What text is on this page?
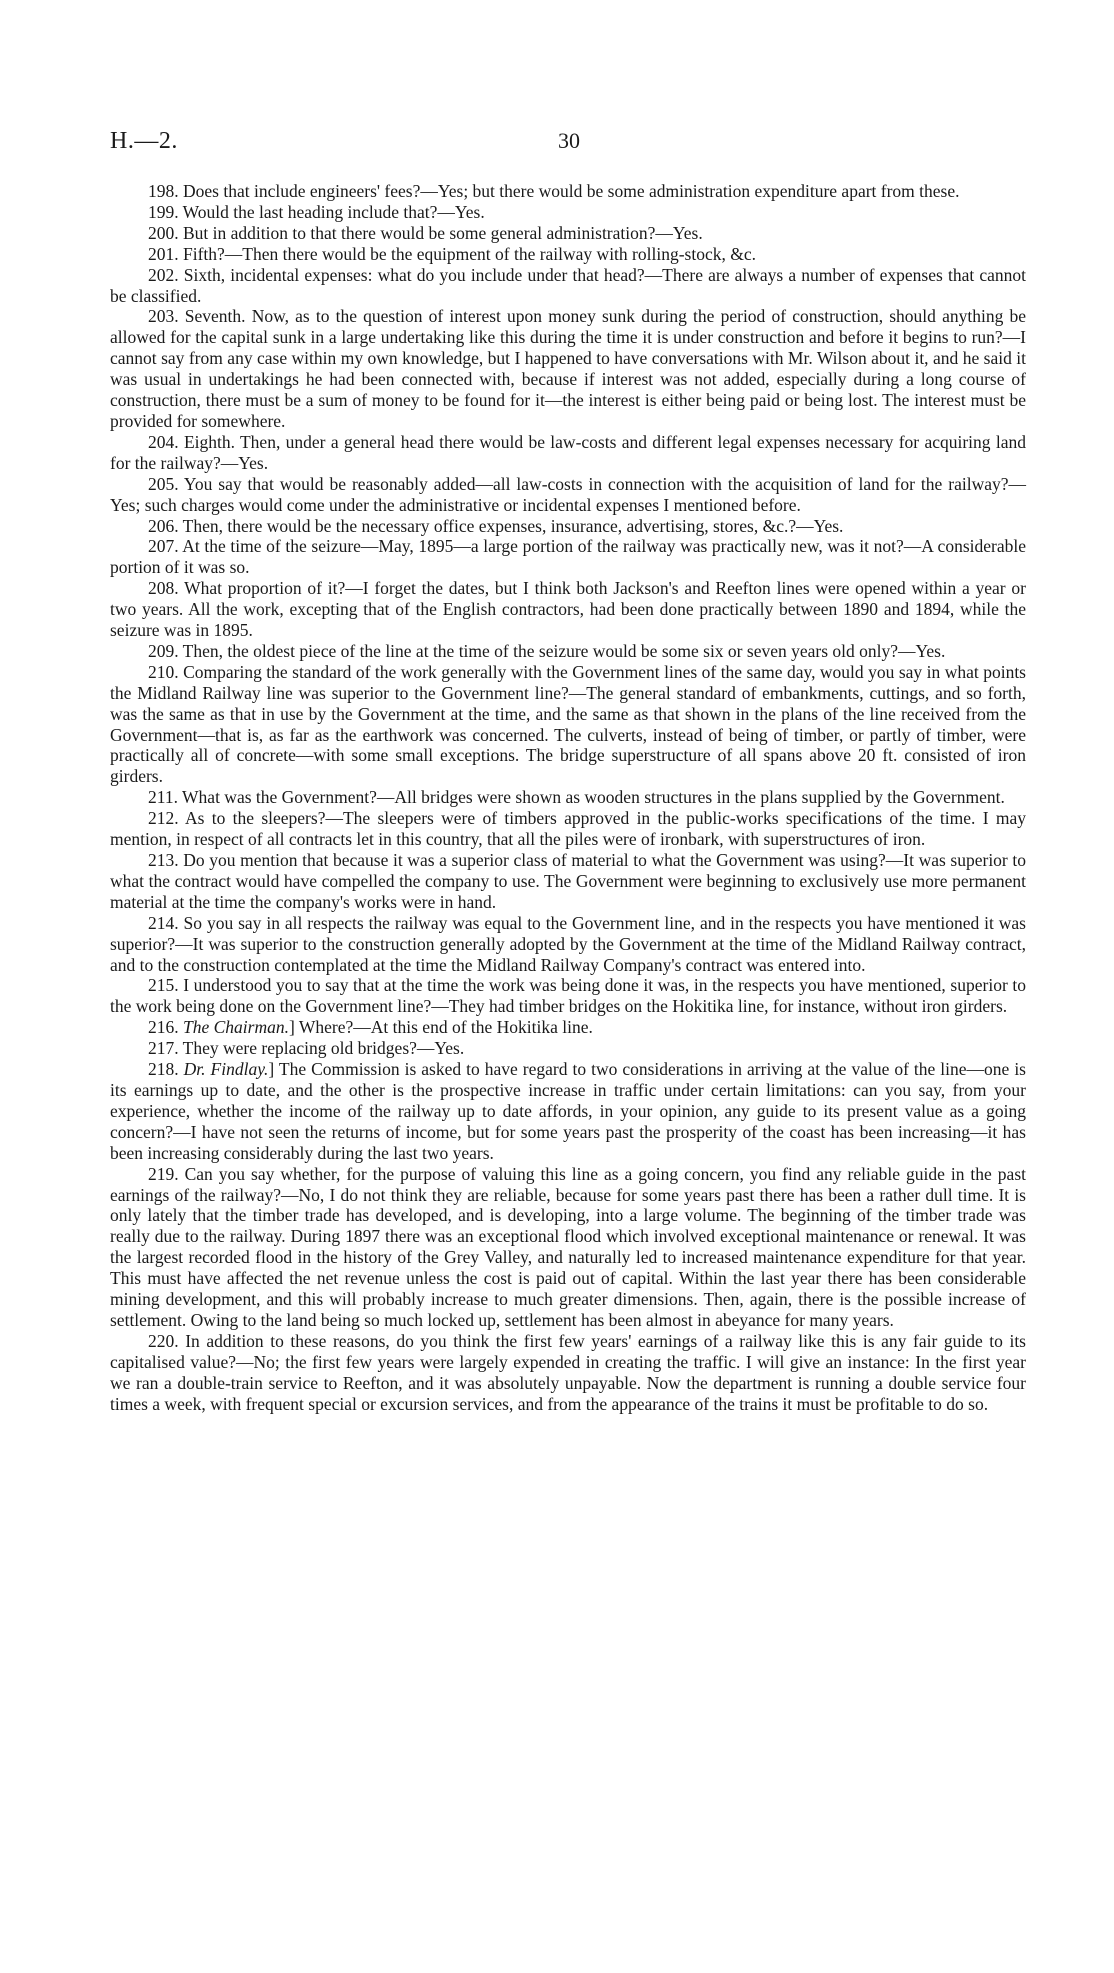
H.—2.	30

198. Does that include engineers' fees?—Yes; but there would be some administration expenditure apart from these.

199. Would the last heading include that?—Yes.

200. But in addition to that there would be some general administration?—Yes.

201. Fifth?—Then there would be the equipment of the railway with rolling-stock, &c.

202. Sixth, incidental expenses: what do you include under that head?—There are always a number of expenses that cannot be classified.

203. Seventh. Now, as to the question of interest upon money sunk during the period of construction, should anything be allowed for the capital sunk in a large undertaking like this during the time it is under construction and before it begins to run?—I cannot say from any case within my own knowledge, but I happened to have conversations with Mr. Wilson about it, and he said it was usual in undertakings he had been connected with, because if interest was not added, especially during a long course of construction, there must be a sum of money to be found for it—the interest is either being paid or being lost. The interest must be provided for somewhere.

204. Eighth. Then, under a general head there would be law-costs and different legal expenses necessary for acquiring land for the railway?—Yes.

205. You say that would be reasonably added—all law-costs in connection with the acquisition of land for the railway?—Yes; such charges would come under the administrative or incidental expenses I mentioned before.

206. Then, there would be the necessary office expenses, insurance, advertising, stores, &c.?—Yes.

207. At the time of the seizure—May, 1895—a large portion of the railway was practically new, was it not?—A considerable portion of it was so.

208. What proportion of it?—I forget the dates, but I think both Jackson's and Reefton lines were opened within a year or two years. All the work, excepting that of the English contractors, had been done practically between 1890 and 1894, while the seizure was in 1895.

209. Then, the oldest piece of the line at the time of the seizure would be some six or seven years old only?—Yes.

210. Comparing the standard of the work generally with the Government lines of the same day, would you say in what points the Midland Railway line was superior to the Government line?—The general standard of embankments, cuttings, and so forth, was the same as that in use by the Government at the time, and the same as that shown in the plans of the line received from the Government—that is, as far as the earthwork was concerned. The culverts, instead of being of timber, or partly of timber, were practically all of concrete—with some small exceptions. The bridge superstructure of all spans above 20 ft. consisted of iron girders.

211. What was the Government?—All bridges were shown as wooden structures in the plans supplied by the Government.

212. As to the sleepers?—The sleepers were of timbers approved in the public-works specifications of the time. I may mention, in respect of all contracts let in this country, that all the piles were of ironbark, with superstructures of iron.

213. Do you mention that because it was a superior class of material to what the Government was using?—It was superior to what the contract would have compelled the company to use. The Government were beginning to exclusively use more permanent material at the time the company's works were in hand.

214. So you say in all respects the railway was equal to the Government line, and in the respects you have mentioned it was superior?—It was superior to the construction generally adopted by the Government at the time of the Midland Railway contract, and to the construction contemplated at the time the Midland Railway Company's contract was entered into.

215. I understood you to say that at the time the work was being done it was, in the respects you have mentioned, superior to the work being done on the Government line?—They had timber bridges on the Hokitika line, for instance, without iron girders.

216. The Chairman.] Where?—At this end of the Hokitika line.

217. They were replacing old bridges?—Yes.

218. Dr. Findlay.] The Commission is asked to have regard to two considerations in arriving at the value of the line—one is its earnings up to date, and the other is the prospective increase in traffic under certain limitations: can you say, from your experience, whether the income of the railway up to date affords, in your opinion, any guide to its present value as a going concern?—I have not seen the returns of income, but for some years past the prosperity of the coast has been increasing—it has been increasing considerably during the last two years.

219. Can you say whether, for the purpose of valuing this line as a going concern, you find any reliable guide in the past earnings of the railway?—No, I do not think they are reliable, because for some years past there has been a rather dull time. It is only lately that the timber trade has developed, and is developing, into a large volume. The beginning of the timber trade was really due to the railway. During 1897 there was an exceptional flood which involved exceptional maintenance or renewal. It was the largest recorded flood in the history of the Grey Valley, and naturally led to increased maintenance expenditure for that year. This must have affected the net revenue unless the cost is paid out of capital. Within the last year there has been considerable mining development, and this will probably increase to much greater dimensions. Then, again, there is the possible increase of settlement. Owing to the land being so much locked up, settlement has been almost in abeyance for many years.

220. In addition to these reasons, do you think the first few years' earnings of a railway like this is any fair guide to its capitalised value?—No; the first few years were largely expended in creating the traffic. I will give an instance: In the first year we ran a double-train service to Reefton, and it was absolutely unpayable. Now the department is running a double service four times a week, with frequent special or excursion services, and from the appearance of the trains it must be profitable to do so.
